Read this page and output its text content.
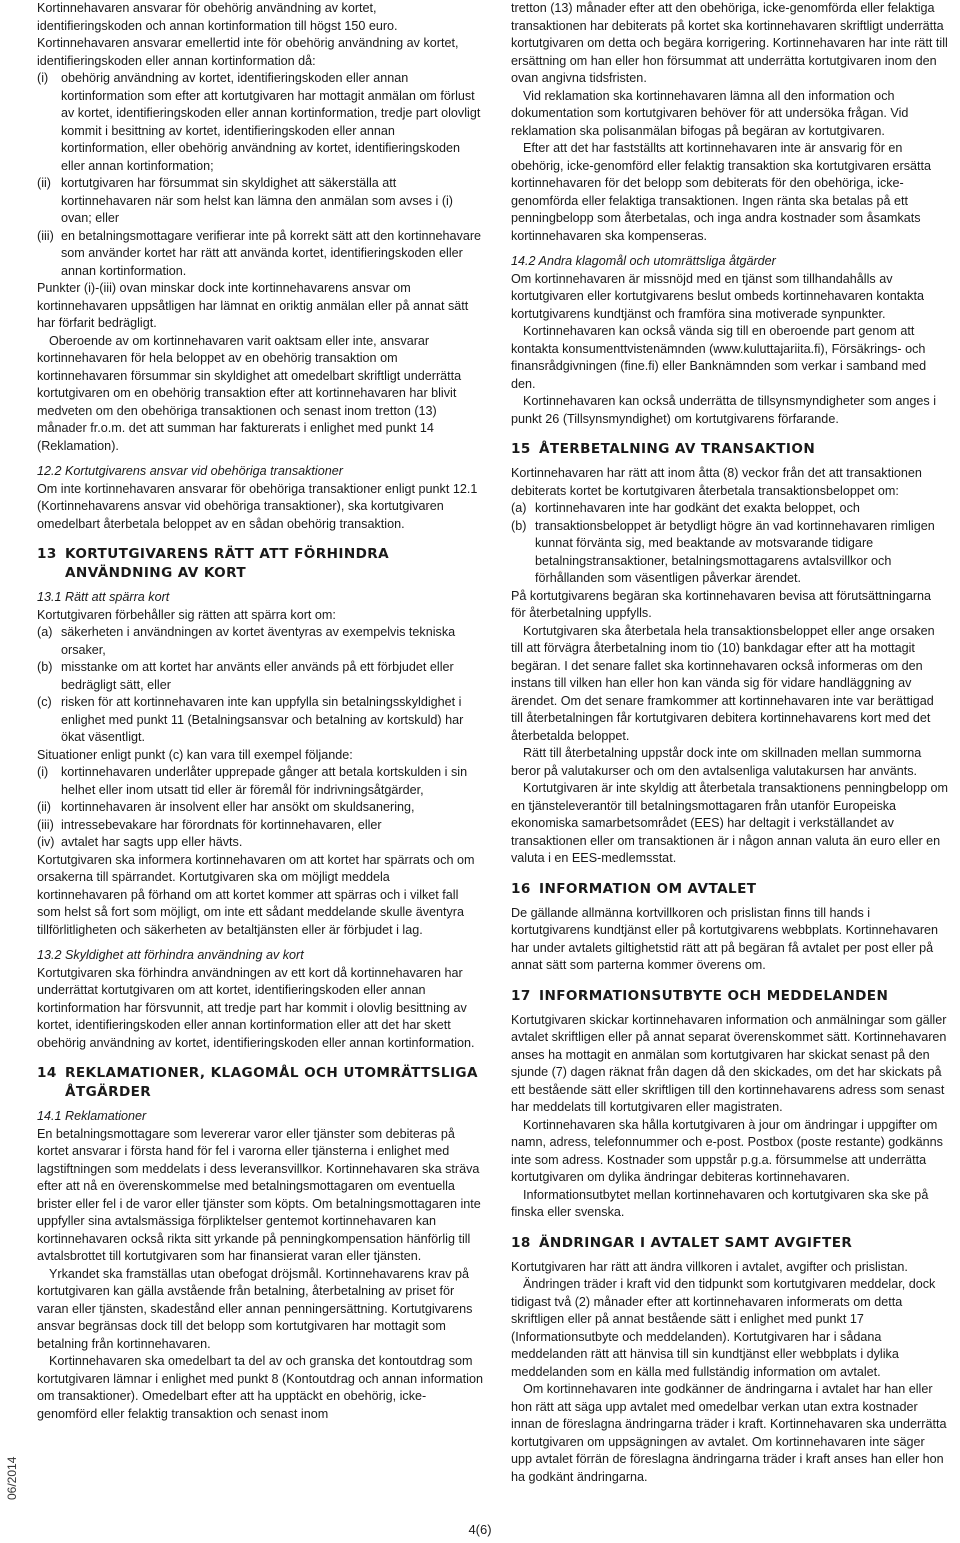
Kortinnehavaren ansvarar för obehörig användning av kortet, identifieringskoden och annan kortinformation till högst 150 euro.

Kortinnehavaren ansvarar emellertid inte för obehörig användning av kortet, identifieringskoden eller annan kortinformation då:

(i)	obehörig användning av kortet, identifieringskoden eller annan kortinformation som efter att kortutgivaren har mottagit anmälan om förlust av kortet, identifieringskoden eller annan kortinformation, tredje part olovligt kommit i besittning av kortet, identifieringskoden eller annan kortinformation, eller obehörig användning av kortet, identifieringskoden eller annan kortinformation;
(ii) kortutgivaren har försummat sin skyldighet att säkerställa att kortinnehavaren när som helst kan lämna den anmälan som avses i (i) ovan; eller
(iii) en betalningsmottagare verifierar inte på korrekt sätt att den kortinnehavare som använder kortet har rätt att använda kortet, identifieringskoden eller annan kortinformation.

Punkter (i)-(iii) ovan minskar dock inte kortinnehavarens ansvar om kortinnehavaren uppsåtligen har lämnat en oriktig anmälan eller på annat sätt har förfarit bedrägligt.

Oberoende av om kortinnehavaren varit oaktsam eller inte, ansvarar kortinnehavaren för hela beloppet av en obehörig transaktion om kortinnehavaren försummar sin skyldighet att omedelbart skriftligt underrätta kortutgivaren om en obehörig transaktion efter att kortinnehavaren har blivit medveten om den obehöriga transaktionen och senast inom tretton (13) månader fr.o.m. det att summan har fakturerats i enlighet med punkt 14 (Reklamation).

12.2 Kortutgivarens ansvar vid obehöriga transaktioner

Om inte kortinnehavaren ansvarar för obehöriga transaktioner enligt punkt 12.1 (Kortinnehavarens ansvar vid obehöriga transaktioner), ska kortutgivaren omedelbart återbetala beloppet av en sådan obehörig transaktion.

13 KORTUTGIVARENS RÄTT ATT FÖRHINDRA ANVÄNDNING AV KORT
13.1 Rätt att spärra kort

Kortutgivaren förbehåller sig rätten att spärra kort om:

(a) säkerheten i användningen av kortet äventyras av exempelvis tekniska orsaker,
(b) misstanke om att kortet har använts eller används på ett förbjudet eller bedrägligt sätt, eller
(c) risken för att kortinnehavaren inte kan uppfylla sin betalningsskyldighet i enlighet med punkt 11 (Betalningsansvar och betalning av kortskuld) har ökat väsentligt.

Situationer enligt punkt (c) kan vara till exempel följande:

(i)	kortinnehavaren underlåter upprepade gånger att betala kortskulden i sin helhet eller inom utsatt tid eller är föremål för indrivningsåtgärder,
(ii) kortinnehavaren är insolvent eller har ansökt om skuldsanering,
(iii) intressebevakare har förordnats för kortinnehavaren, eller
(iv) avtalet har sagts upp eller hävts.

Kortutgivaren ska informera kortinnehavaren om att kortet har spärrats och om orsakerna till spärrandet. Kortutgivaren ska om möjligt meddela kortinnehavaren på förhand om att kortet kommer att spärras och i vilket fall som helst så fort som möjligt, om inte ett sådant meddelande skulle äventyra tillförlitligheten och säkerheten av betaltjänsten eller är förbjudet i lag.

13.2 Skyldighet att förhindra användning av kort

Kortutgivaren ska förhindra användningen av ett kort då kortinnehavaren har underrättat kortutgivaren om att kortet, identifieringskoden eller annan kortinformation har försvunnit, att tredje part har kommit i olovlig besittning av kortet, identifieringskoden eller annan kortinformation eller att det har skett obehörig användning av kortet, identifieringskoden eller annan kortinformation.

14 REKLAMATIONER, KLAGOMÅL OCH UTOMRÄTTSLIGA ÅTGÄRDER
14.1 Reklamationer

En betalningsmottagare som levererar varor eller tjänster som debiteras på kortet ansvarar i första hand för fel i varorna eller tjänsterna i enlighet med lagstiftningen som meddelats i dess leveransvillkor. Kortinnehavaren ska sträva efter att nå en överenskommelse med betalningsmottagaren om eventuella brister eller fel i de varor eller tjänster som köpts. Om betalningsmottagaren inte uppfyller sina avtalsmässiga förpliktelser gentemot kortinnehavaren kan kortinnehavaren också rikta sitt yrkande på penningkompensation hänförlig till avtalsbrottet till kortutgivaren som har finansierat varan eller tjänsten.

Yrkandet ska framställas utan obefogat dröjsmål. Kortinnehavarens krav på kortutgivaren kan gälla avstående från betalning, återbetalning av priset för varan eller tjänsten, skadestånd eller annan penningersättning. Kortutgivarens ansvar begränsas dock till det belopp som kortutgivaren har mottagit som betalning från kortinnehavaren.

Kortinnehavaren ska omedelbart ta del av och granska det kontoutdrag som kortutgivaren lämnar i enlighet med punkt 8 (Kontoutdrag och annan information om transaktioner). Omedelbart efter att ha upptäckt en obehörig, icke-genomförd eller felaktig transaktion och senast inom

tretton (13) månader efter att den obehöriga, icke-genomförda eller felaktiga transaktionen har debiterats på kortet ska kortinnehavaren skriftligt underrätta kortutgivaren om detta och begära korrigering. Kortinnehavaren har inte rätt till ersättning om han eller hon försummat att underrätta kortutgivaren inom den ovan angivna tidsfristen.

Vid reklamation ska kortinnehavaren lämna all den information och dokumentation som kortutgivaren behöver för att undersöka frågan. Vid reklamation ska polisanmälan bifogas på begäran av kortutgivaren.

Efter att det har fastställts att kortinnehavaren inte är ansvarig för en obehörig, icke-genomförd eller felaktig transaktion ska kortutgivaren ersätta kortinnehavaren för det belopp som debiterats för den obehöriga, icke-genomförda eller felaktiga transaktionen. Ingen ränta ska betalas på ett penningbelopp som återbetalas, och inga andra kostnader som åsamkats kortinnehavaren ska kompenseras.

14.2 Andra klagomål och utomrättsliga åtgärder

Om kortinnehavaren är missnöjd med en tjänst som tillhandahålls av kortutgivaren eller kortutgivarens beslut ombeds kortinnehavaren kontakta kortutgivarens kundtjänst och framföra sina motiverade synpunkter.

Kortinnehavaren kan också vända sig till en oberoende part genom att kontakta konsumenttvistenämnden (www.kuluttajariita.fi), Försäkrings- och finansrådgivningen (fine.fi) eller Banknämnden som verkar i samband med den.

Kortinnehavaren kan också underrätta de tillsynsmyndigheter som anges i punkt 26 (Tillsynsmyndighet) om kortutgivarens förfarande.

15 ÅTERBETALNING AV TRANSAKTION

Kortinnehavaren har rätt att inom åtta (8) veckor från det att transaktionen debiterats kortet be kortutgivaren återbetala transaktionsbeloppet om:

(a) kortinnehavaren inte har godkänt det exakta beloppet, och
(b) transaktionsbeloppet är betydligt högre än vad kortinnehavaren rimligen kunnat förvänta sig, med beaktande av motsvarande tidigare betalningstransaktioner, betalningsmottagarens avtalsvillkor och förhållanden som väsentligen påverkar ärendet.

På kortutgivarens begäran ska kortinnehavaren bevisa att förutsättningarna för återbetalning uppfylls.

Kortutgivaren ska återbetala hela transaktionsbeloppet eller ange orsaken till att förvägra återbetalning inom tio (10) bankdagar efter att ha mottagit begäran. I det senare fallet ska kortinnehavaren också informeras om den instans till vilken han eller hon kan vända sig för vidare handläggning av ärendet. Om det senare framkommer att kortinnehavaren inte var berättigad till återbetalningen får kortutgivaren debitera kortinnehavarens kort med det återbetalda beloppet.

Rätt till återbetalning uppstår dock inte om skillnaden mellan summorna beror på valutakurser och om den avtalsenliga valutakursen har använts.

Kortutgivaren är inte skyldig att återbetala transaktionens penningbelopp om en tjänsteleverantör till betalningsmottagaren från utanför Europeiska ekonomiska samarbetsområdet (EES) har deltagit i verkställandet av transaktionen eller om transaktionen är i någon annan valuta än euro eller en valuta i en EES-medlemsstat.

16 INFORMATION OM AVTALET

De gällande allmänna kortvillkoren och prislistan finns till hands i kortutgivarens kundtjänst eller på kortutgivarens webbplats. Kortinnehavaren har under avtalets giltighetstid rätt att på begäran få avtalet per post eller på annat sätt som parterna kommer överens om.

17 INFORMATIONSUTBYTE OCH MEDDELANDEN

Kortutgivaren skickar kortinnehavaren information och anmälningar som gäller avtalet skriftligen eller på annat separat överenskommet sätt. Kortinnehavaren anses ha mottagit en anmälan som kortutgivaren har skickat senast på den sjunde (7) dagen räknat från dagen då den skickades, om det har skickats på ett bestående sätt eller skriftligen till den kortinnehavarens adress som senast har meddelats till kortutgivaren eller magistraten.

Kortinnehavaren ska hålla kortutgivaren à jour om ändringar i uppgifter om namn, adress, telefonnummer och e-post. Postbox (poste restante) godkänns inte som adress. Kostnader som uppstår p.g.a. försummelse att underrätta kortutgivaren om dylika ändringar debiteras kortinnehavaren.

Informationsutbytet mellan kortinnehavaren och kortutgivaren ska ske på finska eller svenska.

18 ÄNDRINGAR I AVTALET SAMT AVGIFTER

Kortutgivaren har rätt att ändra villkoren i avtalet, avgifter och prislistan.

Ändringen träder i kraft vid den tidpunkt som kortutgivaren meddelar, dock tidigast två (2) månader efter att kortinnehavaren informerats om detta skriftligen eller på annat bestående sätt i enlighet med punkt 17 (Informationsutbyte och meddelanden). Kortutgivaren har i sådana meddelanden rätt att hänvisa till sin kundtjänst eller webbplats i dylika meddelanden som en källa med fullständig information om avtalet.

Om kortinnehavaren inte godkänner de ändringarna i avtalet har han eller hon rätt att säga upp avtalet med omedelbar verkan utan extra kostnader innan de föreslagna ändringarna träder i kraft. Kortinnehavaren ska underrätta kortutgivaren om uppsägningen av avtalet. Om kortinnehavaren inte säger upp avtalet förrän de föreslagna ändringarna träder i kraft anses han eller hon ha godkänt ändringarna.

06/2014
4(6)
